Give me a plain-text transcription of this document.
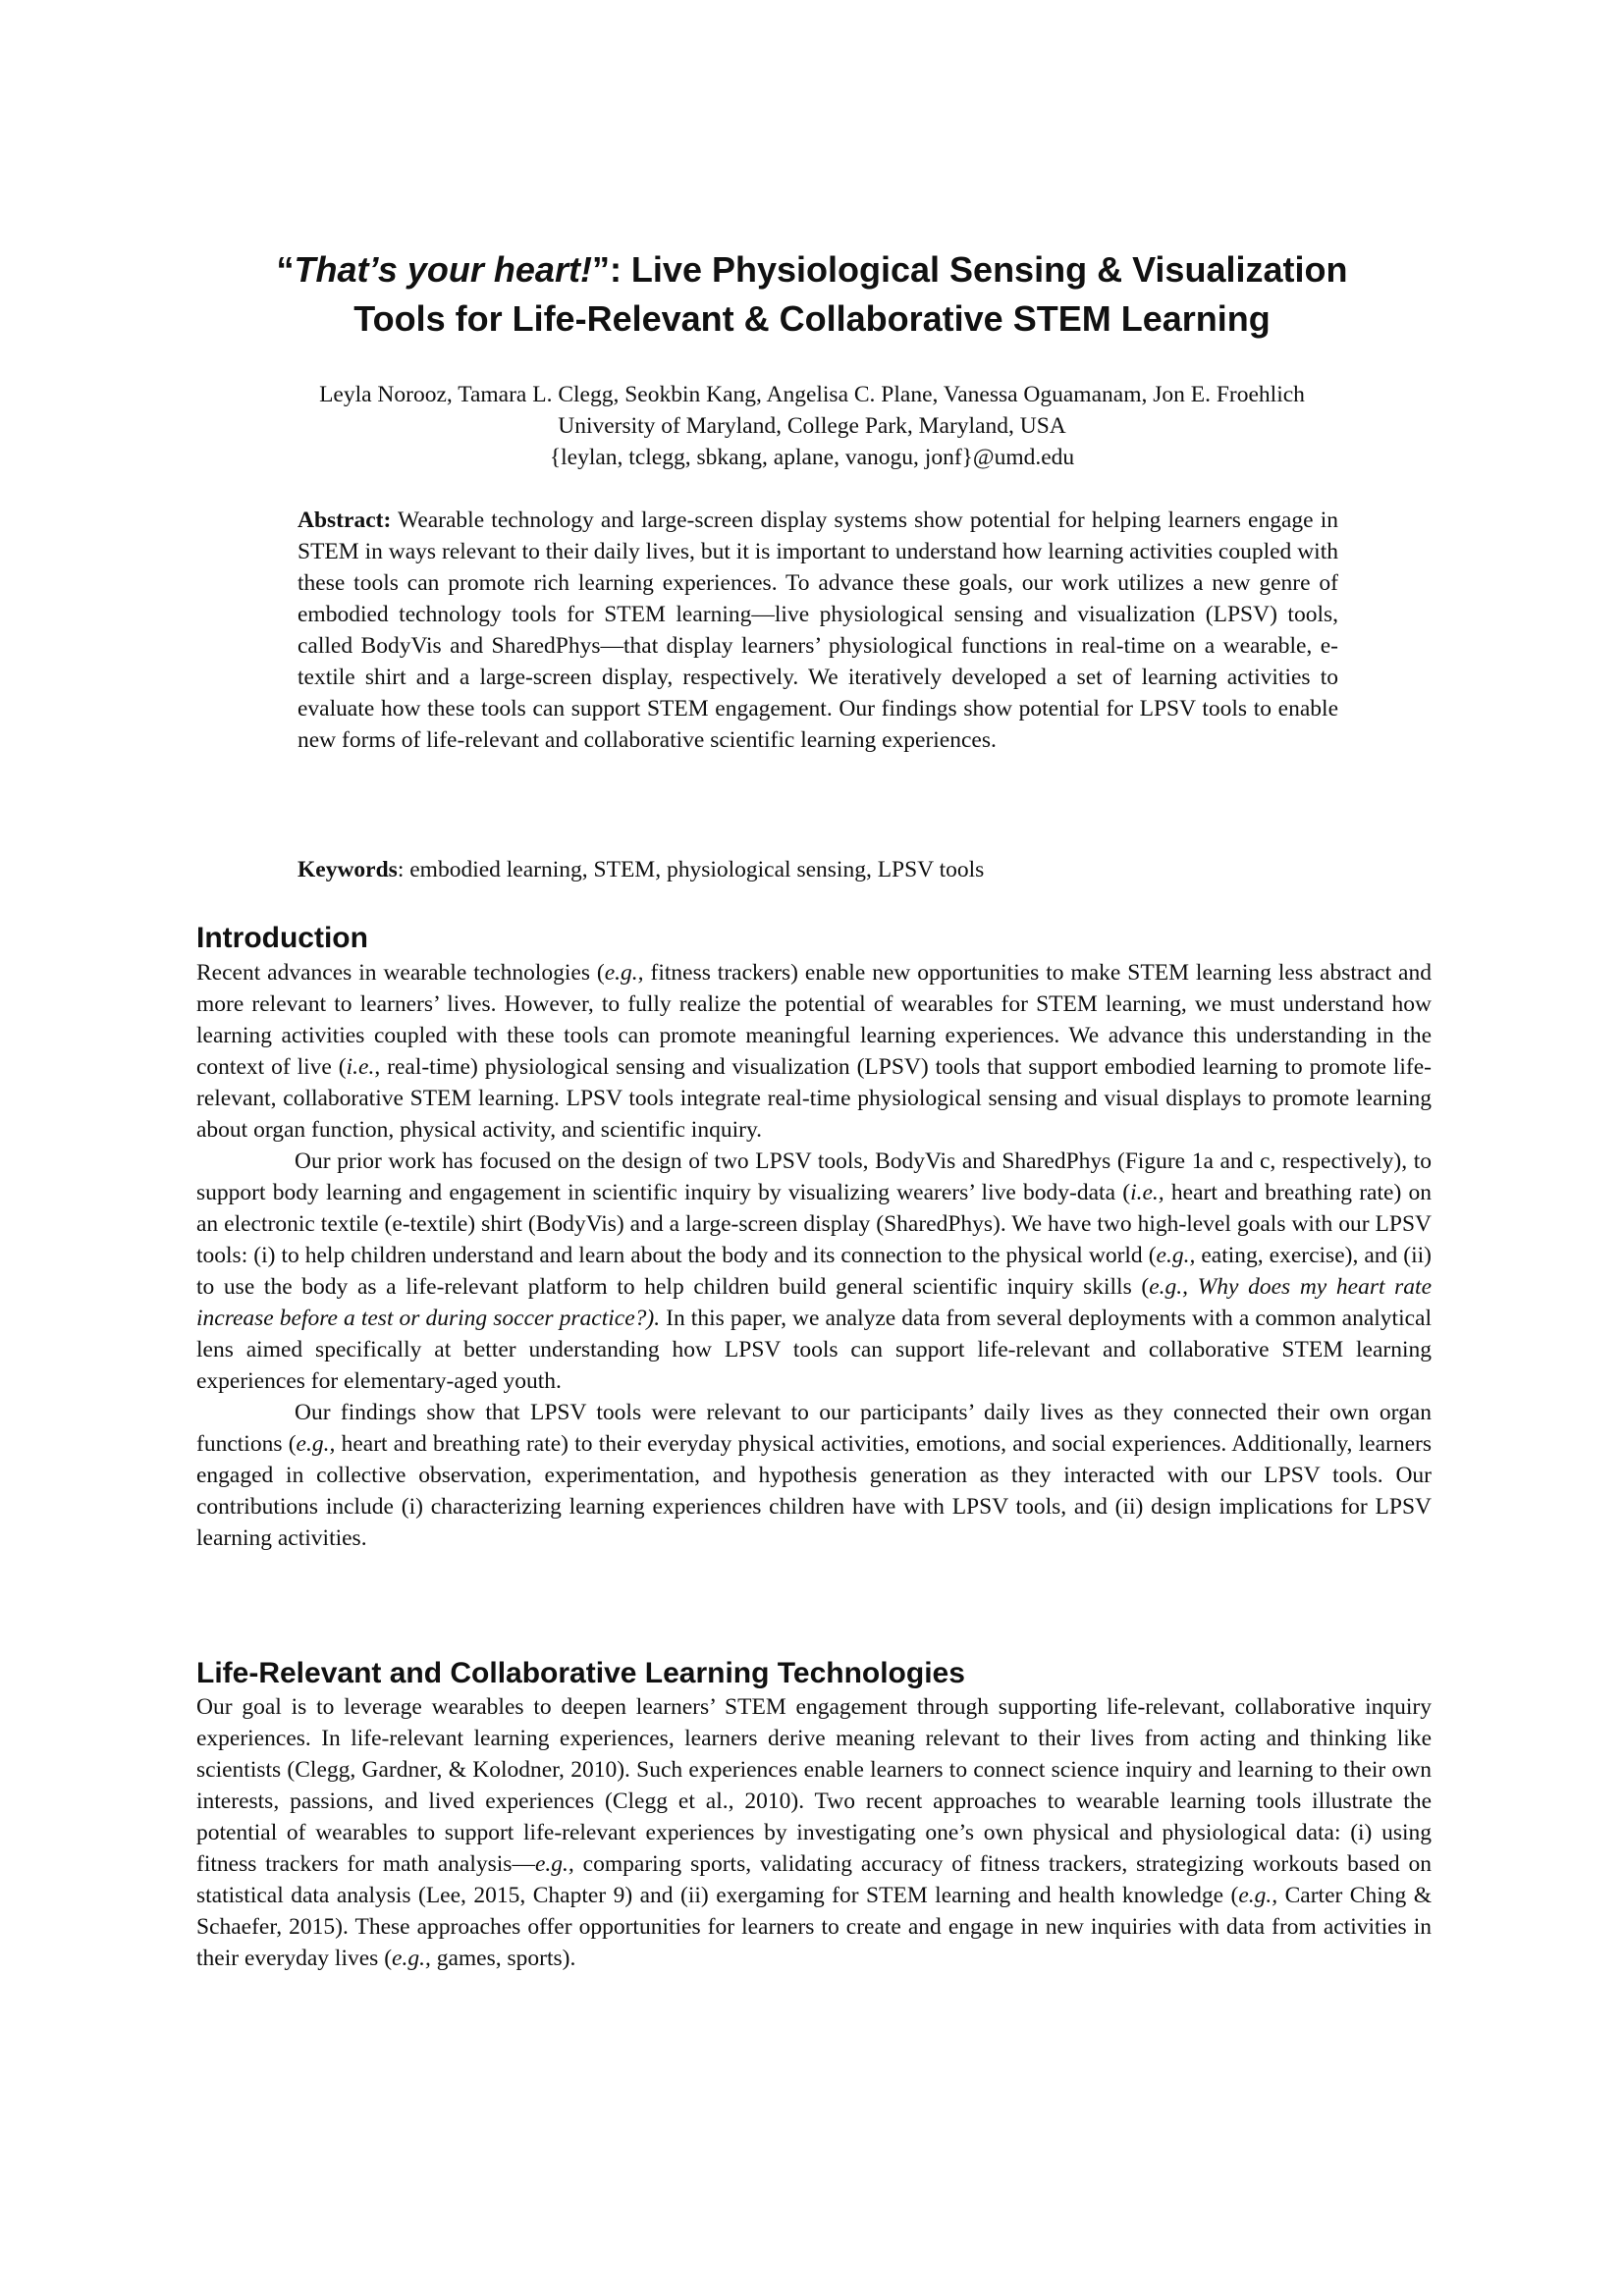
“That’s your heart!”: Live Physiological Sensing & Visualization
Tools for Life-Relevant & Collaborative STEM Learning
Leyla Norooz, Tamara L. Clegg, Seokbin Kang, Angelisa C. Plane, Vanessa Oguamanam, Jon E. Froehlich
University of Maryland, College Park, Maryland, USA
{leylan, tclegg, sbkang, aplane, vanogu, jonf}@umd.edu

Abstract: Wearable technology and large-screen display systems show potential for helping learners engage in STEM in ways relevant to their daily lives, but it is important to understand how learning activities coupled with these tools can promote rich learning experiences. To advance these goals, our work utilizes a new genre of embodied technology tools for STEM learning—live physiological sensing and visualization (LPSV) tools, called BodyVis and SharedPhys—that display learners’ physiological functions in real-time on a wearable, e-textile shirt and a large-screen display, respectively. We iteratively developed a set of learning activities to evaluate how these tools can support STEM engagement. Our findings show potential for LPSV tools to enable new forms of life-relevant and collaborative scientific learning experiences.

Keywords: embodied learning, STEM, physiological sensing, LPSV tools

Introduction

Recent advances in wearable technologies (e.g., fitness trackers) enable new opportunities to make STEM learning less abstract and more relevant to learners’ lives. However, to fully realize the potential of wearables for STEM learning, we must understand how learning activities coupled with these tools can promote meaningful learning experiences. We advance this understanding in the context of live (i.e., real-time) physiological sensing and visualization (LPSV) tools that support embodied learning to promote life-relevant, collaborative STEM learning. LPSV tools integrate real-time physiological sensing and visual displays to promote learning about organ function, physical activity, and scientific inquiry.

Our prior work has focused on the design of two LPSV tools, BodyVis and SharedPhys (Figure 1a and c, respectively), to support body learning and engagement in scientific inquiry by visualizing wearers’ live body-data (i.e., heart and breathing rate) on an electronic textile (e-textile) shirt (BodyVis) and a large-screen display (SharedPhys). We have two high-level goals with our LPSV tools: (i) to help children understand and learn about the body and its connection to the physical world (e.g., eating, exercise), and (ii) to use the body as a life-relevant platform to help children build general scientific inquiry skills (e.g., Why does my heart rate increase before a test or during soccer practice?). In this paper, we analyze data from several deployments with a common analytical lens aimed specifically at better understanding how LPSV tools can support life-relevant and collaborative STEM learning experiences for elementary-aged youth.

Our findings show that LPSV tools were relevant to our participants’ daily lives as they connected their own organ functions (e.g., heart and breathing rate) to their everyday physical activities, emotions, and social experiences. Additionally, learners engaged in collective observation, experimentation, and hypothesis generation as they interacted with our LPSV tools. Our contributions include (i) characterizing learning experiences children have with LPSV tools, and (ii) design implications for LPSV learning activities.

Life-Relevant and Collaborative Learning Technologies

Our goal is to leverage wearables to deepen learners’ STEM engagement through supporting life-relevant, collaborative inquiry experiences. In life-relevant learning experiences, learners derive meaning relevant to their lives from acting and thinking like scientists (Clegg, Gardner, & Kolodner, 2010). Such experiences enable learners to connect science inquiry and learning to their own interests, passions, and lived experiences (Clegg et al., 2010). Two recent approaches to wearable learning tools illustrate the potential of wearables to support life-relevant experiences by investigating one’s own physical and physiological data: (i) using fitness trackers for math analysis—e.g., comparing sports, validating accuracy of fitness trackers, strategizing workouts based on statistical data analysis (Lee, 2015, Chapter 9) and (ii) exergaming for STEM learning and health knowledge (e.g., Carter Ching & Schaefer, 2015). These approaches offer opportunities for learners to create and engage in new inquiries with data from activities in their everyday lives (e.g., games, sports).
